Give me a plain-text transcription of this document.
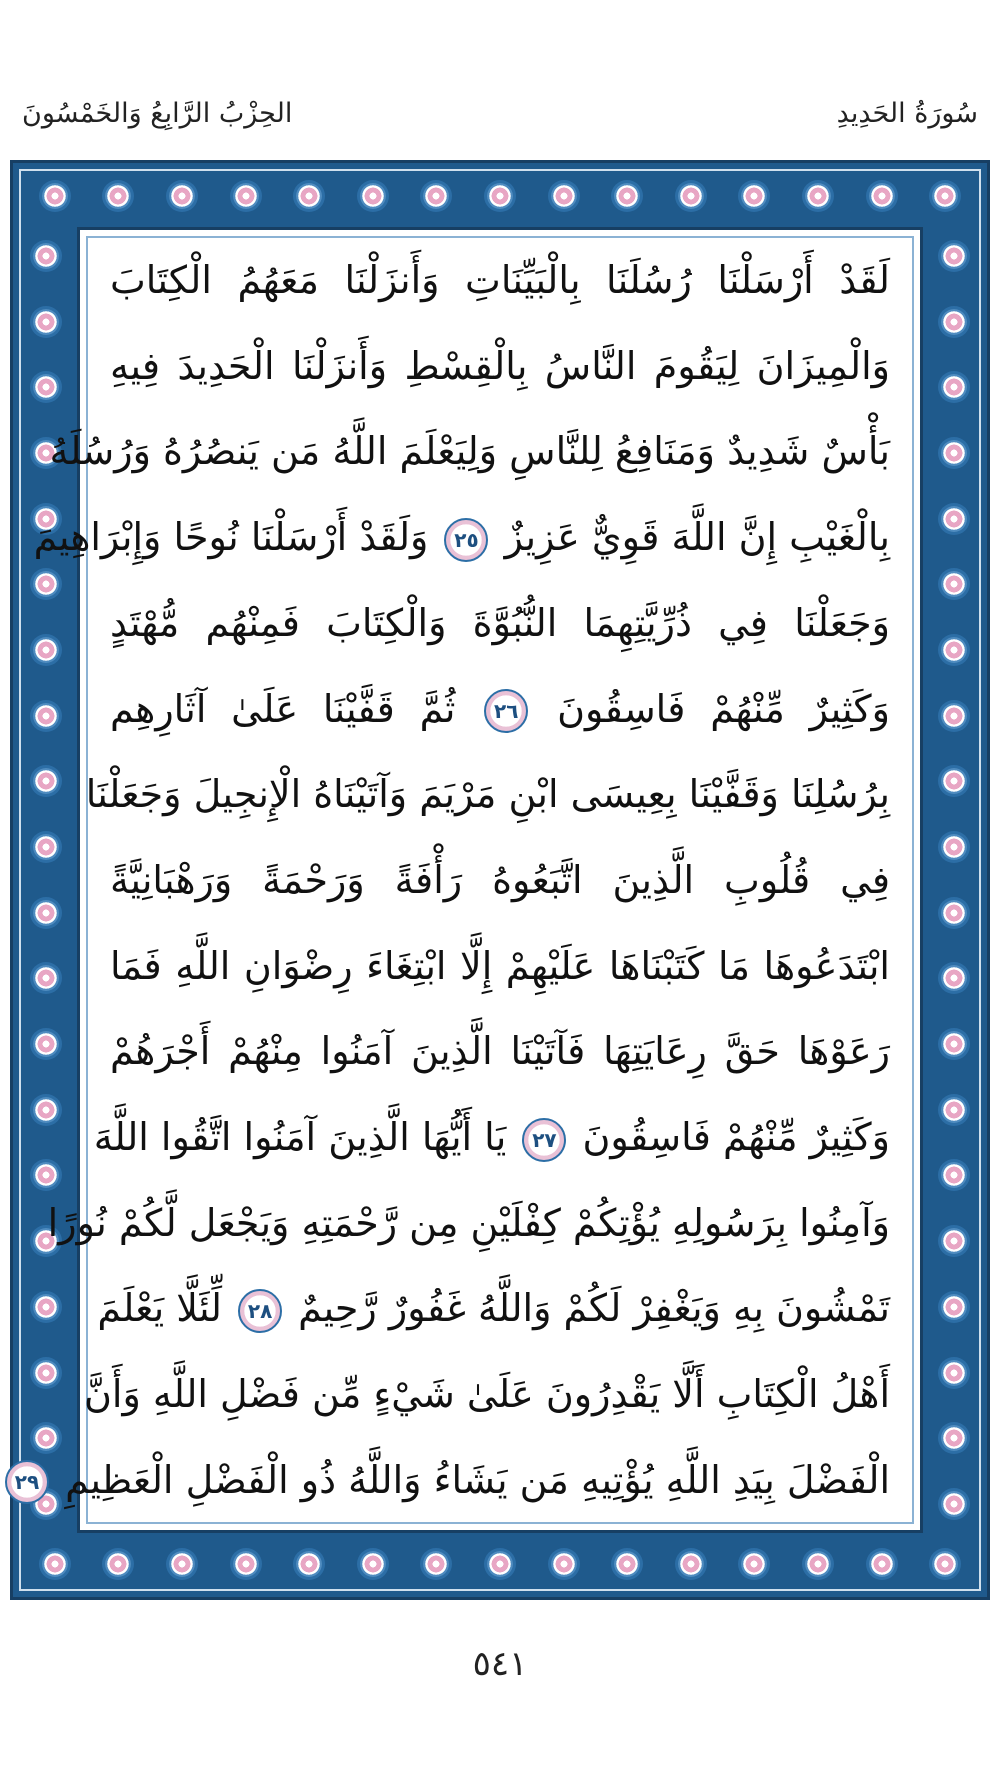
سُورَةُ الحَدِيدِ
الحِزْبُ الرَّابِعُ وَالخَمْسُونَ
لَقَدْ أَرْسَلْنَا رُسُلَنَا بِالْبَيِّنَاتِ وَأَنزَلْنَا مَعَهُمُ الْكِتَابَ
وَالْمِيزَانَ لِيَقُومَ النَّاسُ بِالْقِسْطِ وَأَنزَلْنَا الْحَدِيدَ فِيهِ
بَأْسٌ شَدِيدٌ وَمَنَافِعُ لِلنَّاسِ وَلِيَعْلَمَ اللَّهُ مَن يَنصُرُهُ وَرُسُلَهُ
بِالْغَيْبِ إِنَّ اللَّهَ قَوِيٌّ عَزِيزٌ ٢٥ وَلَقَدْ أَرْسَلْنَا نُوحًا وَإِبْرَاهِيمَ
وَجَعَلْنَا فِي ذُرِّيَّتِهِمَا النُّبُوَّةَ وَالْكِتَابَ فَمِنْهُم مُّهْتَدٍ
وَكَثِيرٌ مِّنْهُمْ فَاسِقُونَ ٢٦ ثُمَّ قَفَّيْنَا عَلَىٰ آثَارِهِم
بِرُسُلِنَا وَقَفَّيْنَا بِعِيسَى ابْنِ مَرْيَمَ وَآتَيْنَاهُ الْإِنجِيلَ وَجَعَلْنَا
فِي قُلُوبِ الَّذِينَ اتَّبَعُوهُ رَأْفَةً وَرَحْمَةً وَرَهْبَانِيَّةً
ابْتَدَعُوهَا مَا كَتَبْنَاهَا عَلَيْهِمْ إِلَّا ابْتِغَاءَ رِضْوَانِ اللَّهِ فَمَا
رَعَوْهَا حَقَّ رِعَايَتِهَا فَآتَيْنَا الَّذِينَ آمَنُوا مِنْهُمْ أَجْرَهُمْ
وَكَثِيرٌ مِّنْهُمْ فَاسِقُونَ ٢٧ يَا أَيُّهَا الَّذِينَ آمَنُوا اتَّقُوا اللَّهَ
وَآمِنُوا بِرَسُولِهِ يُؤْتِكُمْ كِفْلَيْنِ مِن رَّحْمَتِهِ وَيَجْعَل لَّكُمْ نُورًا
تَمْشُونَ بِهِ وَيَغْفِرْ لَكُمْ وَاللَّهُ غَفُورٌ رَّحِيمٌ ٢٨ لِّئَلَّا يَعْلَمَ
أَهْلُ الْكِتَابِ أَلَّا يَقْدِرُونَ عَلَىٰ شَيْءٍ مِّن فَضْلِ اللَّهِ وَأَنَّ
الْفَضْلَ بِيَدِ اللَّهِ يُؤْتِيهِ مَن يَشَاءُ وَاللَّهُ ذُو الْفَضْلِ الْعَظِيمِ ٢٩
٥٤١
